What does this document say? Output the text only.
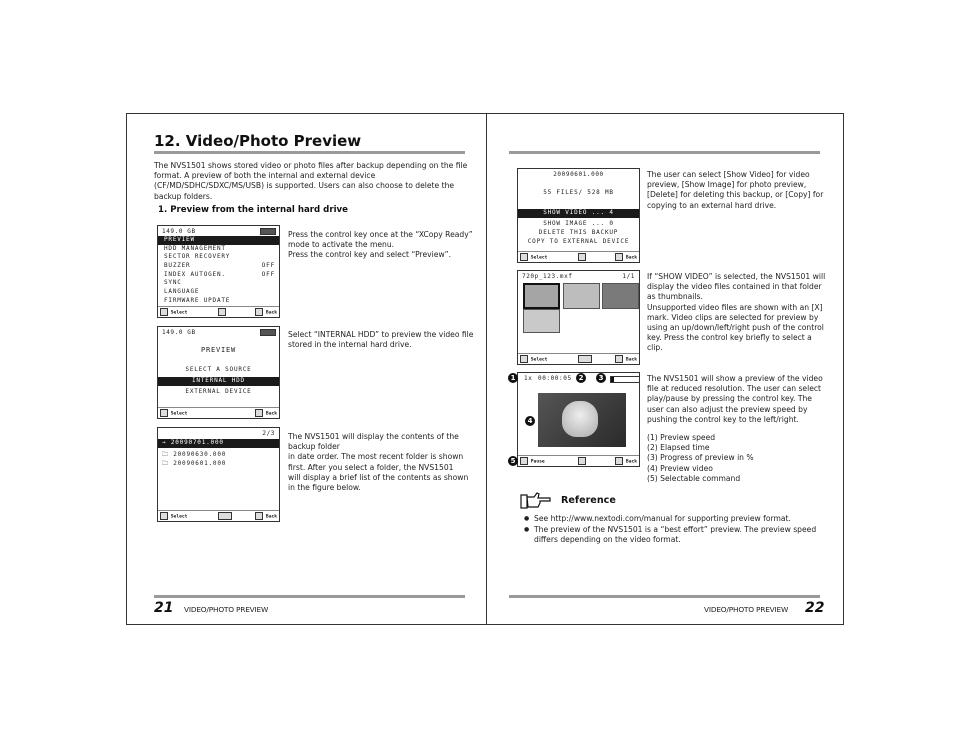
12. Video/Photo Preview
The NVS1501 shows stored video or photo files after backup depending on the file format. A preview of both the internal and external device (CF/MD/SDHC/SDXC/MS/USB) is supported. Users can also choose to delete the backup folders.
1. Preview from the internal hard drive
149.0 GB
PREVIEW
HDD MANAGEMENT
SECTOR RECOVERY
BUZZER	OFF
INDEX AUTOGEN.	OFF
SYNC
LANGUAGE
FIRMWARE UPDATE
Select	Back
Press the control key once at the “XCopy Ready” mode to activate the menu.
Press the control key and select “Preview”.
149.0 GB
PREVIEW
SELECT A SOURCE
INTERNAL HDD
EXTERNAL DEVICE
Select	Back
Select “INTERNAL HDD” to preview the video file stored in the internal hard drive.
2/3
→ 20090701.000
🗀 20090630.000
🗀 20090601.000
Select	Back
The NVS1501 will display the contents of the backup folder
in date order. The most recent folder is shown first. After you select a folder, the NVS1501
will display a brief list of the contents as shown in the figure below.
21 VIDEO/PHOTO PREVIEW
20090601.000
55 FILES/ 528 MB
SHOW VIDEO ... 4
SHOW IMAGE ... 0
DELETE THIS BACKUP
COPY TO EXTERNAL DEVICE
Select	Back
The user can select [Show Video] for video preview, [Show Image] for photo preview, [Delete] for deleting this backup, or [Copy] for copying to an external hard drive.
720p_123.mxf	1/1
Select	Back
If “SHOW VIDEO” is selected, the NVS1501 will display the video files contained in that folder as thumbnails.
Unsupported video files are shown with an [X] mark. Video clips are selected for preview by using an up/down/left/right push of the control key. Press the control key briefly to select a clip.
1x 00:00:05
Pause	Back
1	2	3
4
5
The NVS1501 will show a preview of the video
file at reduced resolution. The user can select play/pause by pressing the control key. The user can also adjust the preview speed by pushing the control key to the left/right.
(1) Preview speed
(2) Elapsed time
(3) Progress of preview in %
(4) Preview video
(5) Selectable command
Reference
● See http://www.nextodi.com/manual for supporting preview format.
● The preview of the NVS1501 is a “best effort” preview. The preview speed differs depending on the video format.
VIDEO/PHOTO PREVIEW 22
